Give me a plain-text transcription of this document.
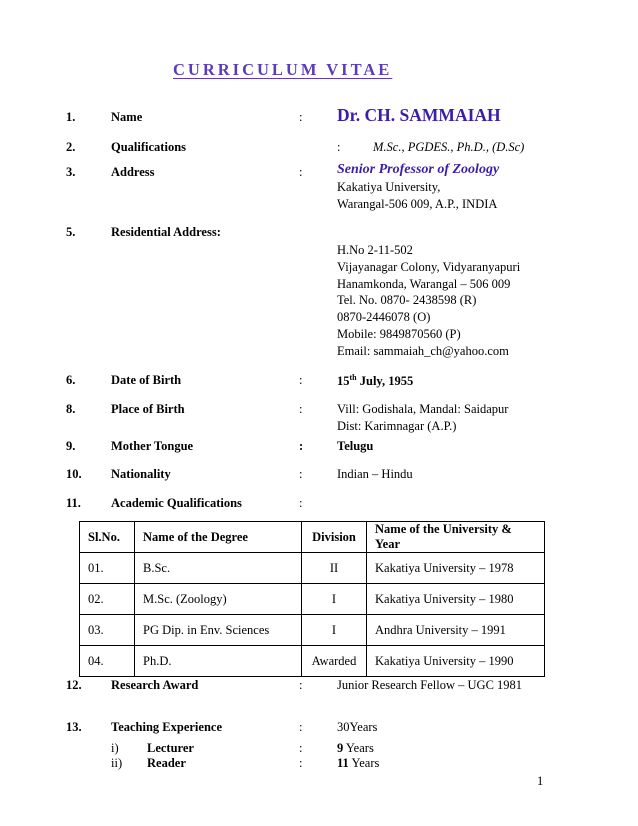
CURRICULUM VITAE
1.	Name	: Dr. CH. SAMMAIAH
2.	Qualifications	:	M.Sc., PGDES., Ph.D., (D.Sc)
3.	Address	: Senior Professor of Zoology
Kakatiya University,
Warangal-506 009, A.P., INDIA
5.	Residential Address:
H.No 2-11-502
Vijayanagar Colony, Vidyaranyapuri
Hanamkonda, Warangal – 506 009
Tel. No. 0870- 2438598 (R)
0870-2446078 (O)
Mobile: 9849870560 (P)
Email: sammaiah_ch@yahoo.com
6.	Date of Birth	:	15th July, 1955
8.	Place of Birth	:	Vill: Godishala, Mandal: Saidapur
Dist: Karimnagar (A.P.)
9.	Mother Tongue	:	Telugu
10. Nationality	:	Indian – Hindu
11. Academic Qualifications	:
Sl.No.	Name of the Degree	Division	Name of the University & Year
01.	B.Sc.	II	Kakatiya University – 1978
02.	M.Sc. (Zoology)	I	Kakatiya University – 1980
03.	PG Dip. in Env. Sciences	I	Andhra University – 1991
04.	Ph.D.	Awarded	Kakatiya University – 1990
12. Research Award	:	Junior Research Fellow – UGC 1981
13. Teaching Experience	:	30Years
i) Lecturer	:	9 Years
ii) Reader	:	11 Years
1
